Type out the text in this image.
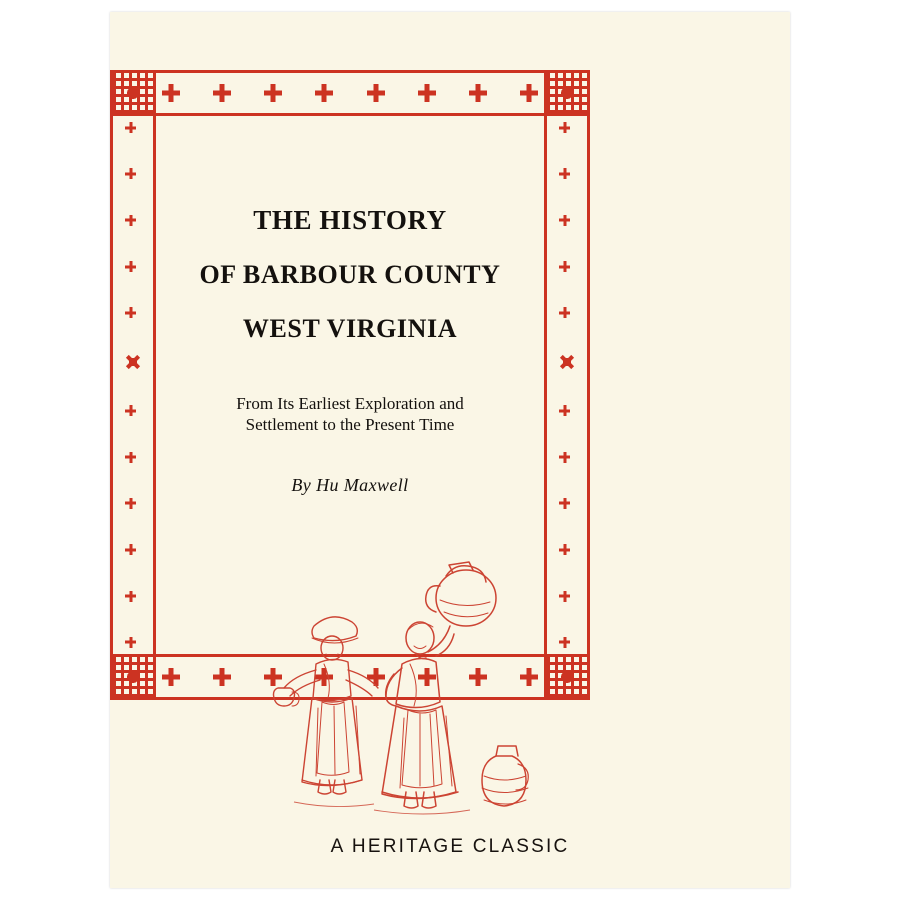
THE HISTORY

OF BARBOUR COUNTY

WEST VIRGINIA

From Its Earliest Exploration and
Settlement to the Present Time

By Hu Maxwell

A HERITAGE CLASSIC
